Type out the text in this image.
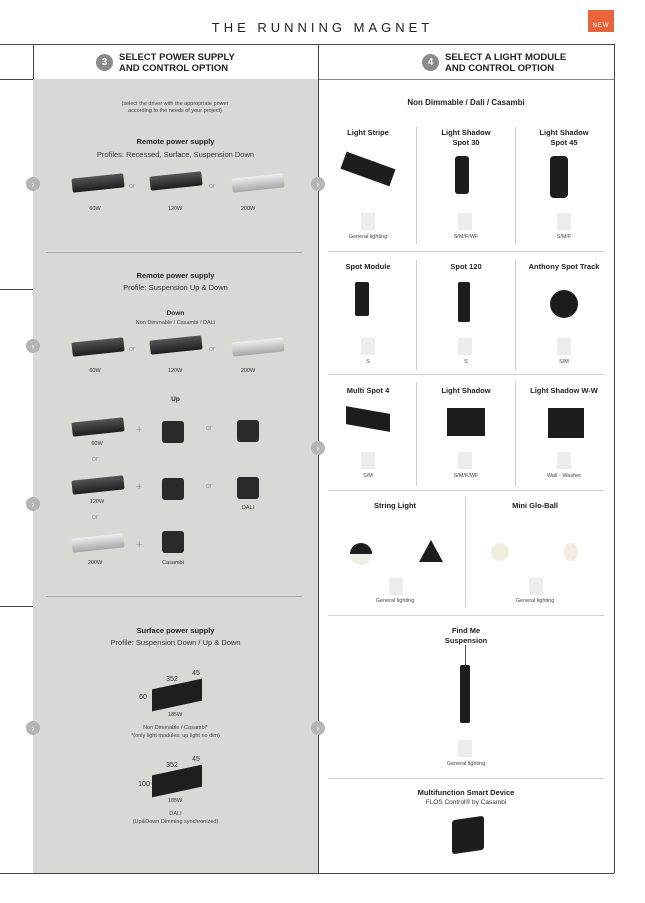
THE RUNNING MAGNET	NEW
3	SELECT POWER SUPPLY
AND CONTROL OPTION
4	SELECT A LIGHT MODULE
AND CONTROL OPTION
(select the driver with the appropriate power
according to the needs of your project)
Remote power supply
Profiles: Recessed, Surface, Suspension Down
›	›
or	or
60W	120W	200W
Remote power supply
Profile: Suspension Up & Down
Down
Non Dimmable / Casambi / DALI
›	or	or
60W	120W	200W
Up
+	or
60W
or
+	or
120W
DALI
›
or
+
200W	Casambi
Surface power supply
Profile: Suspension Down / Up & Down
352
45
60
185W
Non Dimmable / Casambi*
*(only light modules, up light no dim)
›	›
352
45
100
185W
DALI
(Up&Down Dimming synchronized)
Non Dimmable / Dali / Casambi
Light Stripe	Light Shadow
Spot 30
Light Shadow
Spot 45
General lighting	S/M/F/WF	S/M/F
Spot Module	Spot 120	Anthony Spot Track
S	S	S/M
Multi Spot 4	Light Shadow	Light Shadow W-W
S/M	S/M/F/WF	Wall - Washer
›
String Light	Mini Glo-Ball
General lighting	General lighting
Find Me
Suspension
General lighting
Multifunction Smart Device
FLOS Control® by Casambi
